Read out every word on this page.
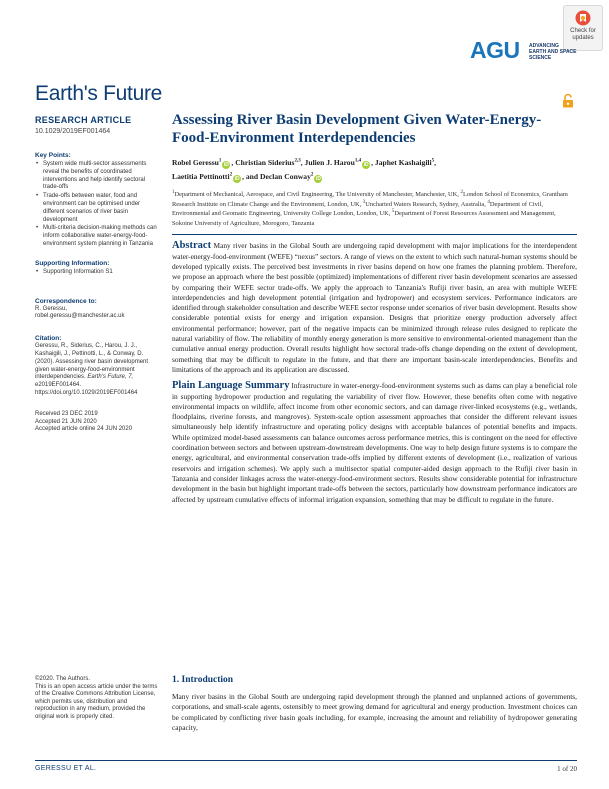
Check for updates
AGU ADVANCING EARTH AND SPACE SCIENCE
Earth's Future
RESEARCH ARTICLE
10.1029/2019EF001464
Key Points:
• System wide multi-sector assessments reveal the benefits of coordinated interventions and help identify sectoral trade-offs
• Trade-offs between water, food and environment can be optimised under different scenarios of river basin development
• Multi-criteria decision-making methods can inform collaborative water-energy-food-environment system planning in Tanzania
Supporting Information:
• Supporting Information S1
Correspondence to:
R. Geressu,
robel.geressu@manchester.ac.uk
Citation:
Geressu, R., Siderius, C., Harou, J. J., Kashaigili, J., Pettinotti, L., & Conway, D. (2020). Assessing river basin development given water-energy-food-environment interdependencies. Earth's Future, 7, e2019EF001464. https://doi.org/10.1029/2019EF001464
Received 23 DEC 2019
Accepted 21 JUN 2020
Accepted article online 24 JUN 2020
©2020. The Authors.
This is an open access article under the terms of the Creative Commons Attribution License, which permits use, distribution and reproduction in any medium, provided the original work is properly cited.
Assessing River Basin Development Given Water-Energy-Food-Environment Interdependencies
Robel Geressu$^1$iD , Christian Siderius$^{2,3}$, Julien J. Harou$^{1,4}$iD , Japhet Kashaigili$^5$,
Laetitia Pettinotti$^2$iD , and Declan Conway$^2$iD
$^1$Department of Mechanical, Aerospace, and Civil Engineering, The University of Manchester, Manchester, UK, $^2$London School of Economics, Grantham Research Institute on Climate Change and the Environment, London, UK, $^3$Uncharted Waters Research, Sydney, Australia, $^4$Department of Civil, Environmental and Geomatic Engineering, University College London, London, UK, $^5$Department of Forest Resources Assessment and Management, Sokoine University of Agriculture, Morogoro, Tanzania
Abstract Many river basins in the Global South are undergoing rapid development with major implications for the interdependent water-energy-food-environment (WEFE) “nexus” sectors. A range of views on the extent to which such natural-human systems should be developed typically exists. The perceived best investments in river basins depend on how one frames the planning problem. Therefore, we propose an approach where the best possible (optimized) implementations of different river basin development scenarios are assessed by comparing their WEFE sector trade-offs. We apply the approach to Tanzania's Rufiji river basin, an area with multiple WEFE interdependencies and high development potential (irrigation and hydropower) and ecosystem services. Performance indicators are identified through stakeholder consultation and describe WEFE sector response under scenarios of river basin development. Results show considerable potential exists for energy and irrigation expansion. Designs that prioritize energy production adversely affect environmental performance; however, part of the negative impacts can be minimized through release rules designed to replicate the natural variability of flow. The reliability of monthly energy generation is more sensitive to environmental-oriented management than the cumulative annual energy production. Overall results highlight how sectoral trade-offs change depending on the extent of development, something that may be difficult to regulate in the future, and that there are important basin-scale interdependencies. Benefits and limitations of the approach and its application are discussed.
Plain Language Summary Infrastructure in water-energy-food-environment systems such as dams can play a beneficial role in supporting hydropower production and regulating the variability of river flow. However, these benefits often come with negative environmental impacts on wildlife, affect income from other economic sectors, and can damage river-linked ecosystems (e.g., wetlands, floodplains, riverine forests, and mangroves). System-scale option assessment approaches that consider the different relevant issues simultaneously help identify infrastructure and operating policy designs with acceptable balances of potential benefits and impacts. While optimized model-based assessments can balance outcomes across performance metrics, this is contingent on the need for effective coordination between sectors and between upstream-downstream developments. One way to help design future systems is to compare the energy, agricultural, and environmental conservation trade-offs implied by different extents of development (i.e., realization of various reservoirs and irrigation schemes). We apply such a multisector spatial computer-aided design approach to the Rufiji river basin in Tanzania and consider linkages across the water-energy-food-environment sectors. Results show considerable potential for infrastructure development in the basin but highlight important trade-offs between the sectors, particularly how downstream performance indicators are affected by upstream cumulative effects of informal irrigation expansion, something that may be difficult to regulate in the future.
1. Introduction
Many river basins in the Global South are undergoing rapid development through the planned and unplanned actions of governments, corporations, and small-scale agents, ostensibly to meet growing demand for agricultural and energy production. Investment choices can be complicated by conflicting river basin goals including, for example, increasing the amount and reliability of hydropower generating capacity,
GERESSU ET AL.	1 of 20
